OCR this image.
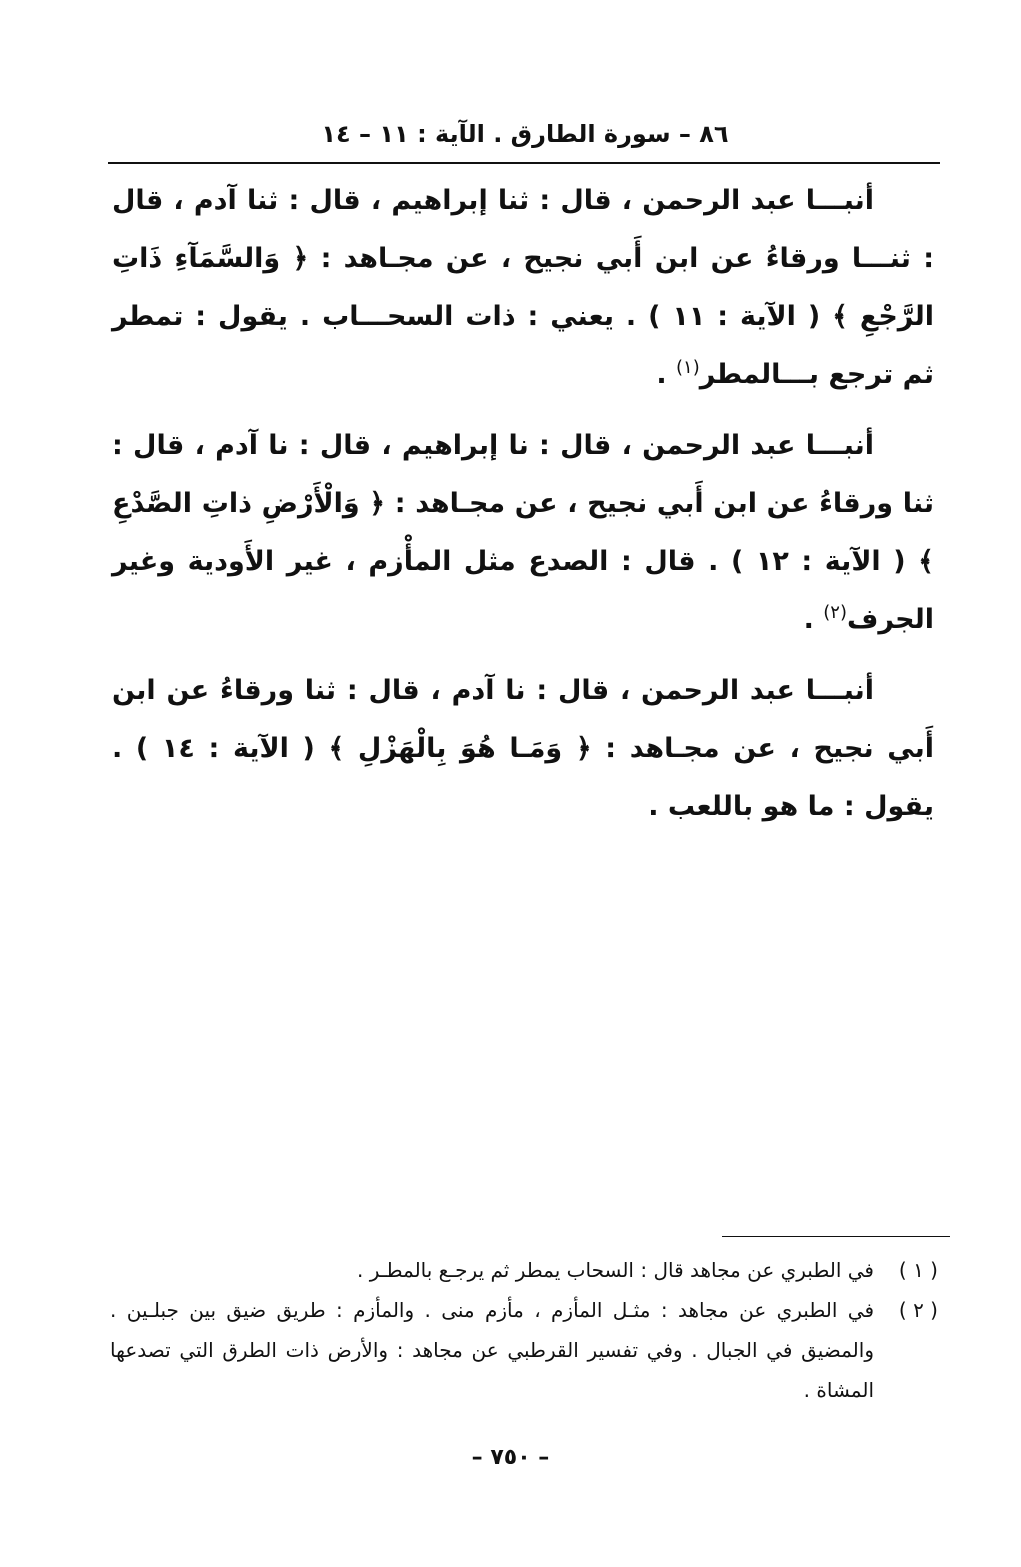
٨٦ – سورة الطارق . الآية : ١١ – ١٤

أنبـــا عبد الرحمن ، قال : ثنا إبراهيم ، قال : ثنا آدم ، قال : ثنـــا ورقاءُ عن ابن أَبي نجيح ، عن مجـاهد : ﴿ وَالسَّمَآءِ ذَاتِ الرَّجْعِ ﴾ ( الآية : ١١ ) . يعني : ذات السحـــاب . يقول : تمطر ثم ترجع بـــالمطر$^{(١)}$ .

أنبـــا عبد الرحمن ، قال : نا إبراهيم ، قال : نا آدم ، قال : ثنا ورقاءُ عن ابن أَبي نجيح ، عن مجـاهد : ﴿ وَالْأَرْضِ ذاتِ الصَّدْعِ ﴾ ( الآية : ١٢ ) . قال : الصدع مثل المأْزم ، غير الأَودية وغير الجرف$^{(٢)}$ .

أنبـــا عبد الرحمن ، قال : نا آدم ، قال : ثنا ورقاءُ عن ابن أَبي نجيح ، عن مجـاهد : ﴿ وَمَـا هُوَ بِالْهَزْلِ ﴾ ( الآية : ١٤ ) . يقول : ما هو باللعب .

( ١ )
في الطبري عن مجاهد قال : السحاب يمطر ثم يرجـع بالمطـر .
( ٢ )
في الطبري عن مجاهد : مثـل المأزم ، مأزم منى . والمأزم : طريق ضيق بين جبلـين . والمضيق في الجبال . وفي تفسير القرطبي عن مجاهد : والأرض ذات الطرق التي تصدعها المشاة .
– ٧٥٠ –
